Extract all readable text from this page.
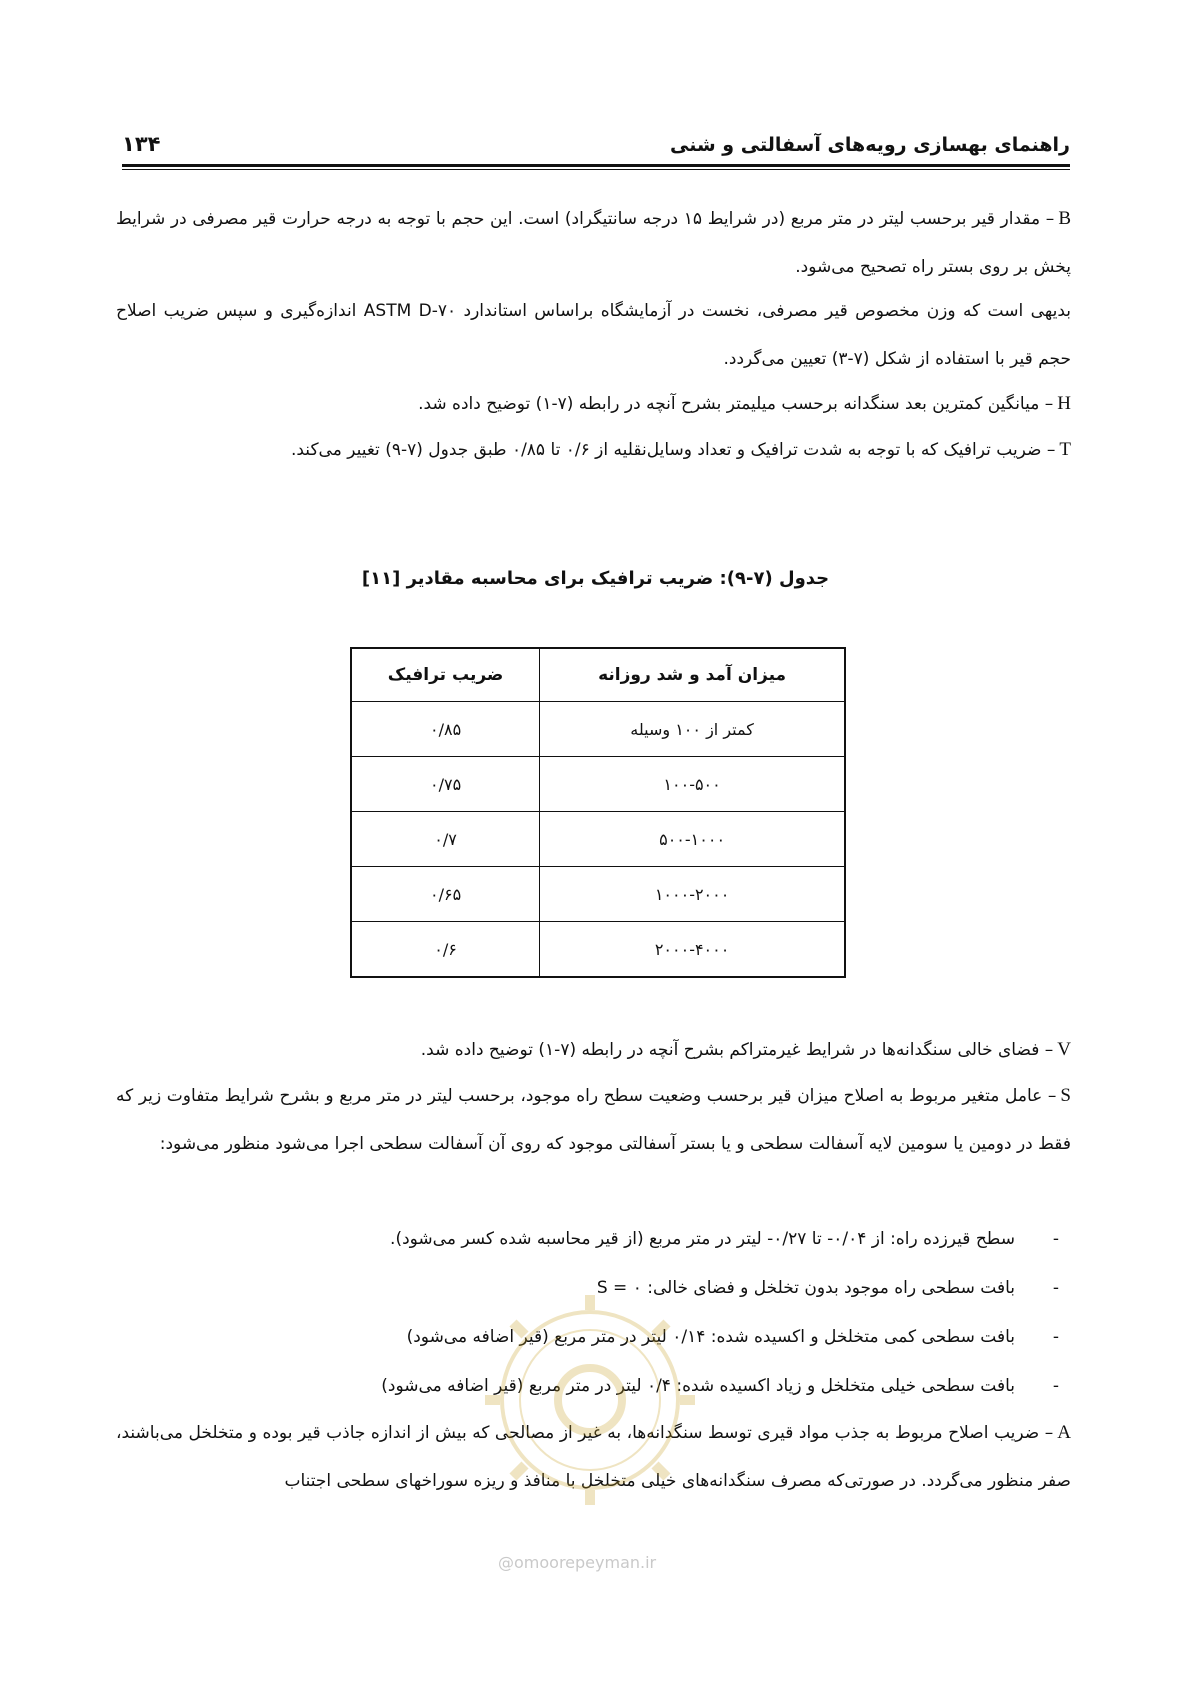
راهنمای بهسازی رویه‌های آسفالتی و شنی
۱۳۴
B– مقدار قیر برحسب لیتر در متر مربع (در شرایط ۱۵ درجه سانتیگراد) است. این حجم با توجه به درجه حرارت قیر مصرفی در شرایط پخش بر روی بستر راه تصحیح می‌شود.
بدیهی است که وزن مخصوص قیر مصرفی، نخست در آزمایشگاه براساس استاندارد ASTM D-۷۰ اندازه‌گیری و سپس ضریب اصلاح حجم قیر با استفاده از شکل (۷-۳) تعیین می‌گردد.
H– میانگین کمترین بعد سنگدانه برحسب میلیمتر بشرح آنچه در رابطه (۷-۱) توضیح داده شد.
T– ضریب ترافیک که با توجه به شدت ترافیک و تعداد وسایل‌نقلیه از ۰/۶ تا ۰/۸۵ طبق جدول (۷-۹) تغییر می‌کند.
جدول (۷-۹): ضریب ترافیک برای محاسبه مقادیر [۱۱]
میزان آمد و شد روزانه	ضریب ترافیک
کمتر از ۱۰۰ وسیله	۰/۸۵
۱۰۰-۵۰۰	۰/۷۵
۵۰۰-۱۰۰۰	۰/۷
۱۰۰۰-۲۰۰۰	۰/۶۵
۲۰۰۰-۴۰۰۰	۰/۶
V– فضای خالی سنگدانه‌ها در شرایط غیرمتراکم بشرح آنچه در رابطه (۷-۱) توضیح داده شد.
S– عامل متغیر مربوط به اصلاح میزان قیر برحسب وضعیت سطح راه موجود، برحسب لیتر در متر مربع و بشرح شرایط متفاوت زیر که فقط در دومین یا سومین لایه آسفالت سطحی و یا بستر آسفالتی موجود که روی آن آسفالت سطحی اجرا می‌شود منظور می‌شود:
-
سطح قیرزده راه: از ۰/۰۴- تا ۰/۲۷- لیتر در متر مربع (از قیر محاسبه شده کسر می‌شود).
-
بافت سطحی راه موجود بدون تخلخل و فضای خالی: S = ۰
-
بافت سطحی کمی متخلخل و اکسیده شده: ۰/۱۴ لیتر در متر مربع (قیر اضافه می‌شود)
-
بافت سطحی خیلی متخلخل و زیاد اکسیده شده: ۰/۴ لیتر در متر مربع (قیر اضافه می‌شود)
A– ضریب اصلاح مربوط به جذب مواد قیری توسط سنگدانه‌ها، به غیر از مصالحی که بیش از اندازه جاذب قیر بوده و متخلخل می‌باشند، صفر منظور می‌گردد. در صورتی‌که مصرف سنگدانه‌های خیلی متخلخل با منافذ و ریزه سوراخهای سطحی اجتناب
@omoorepeyman.ir
